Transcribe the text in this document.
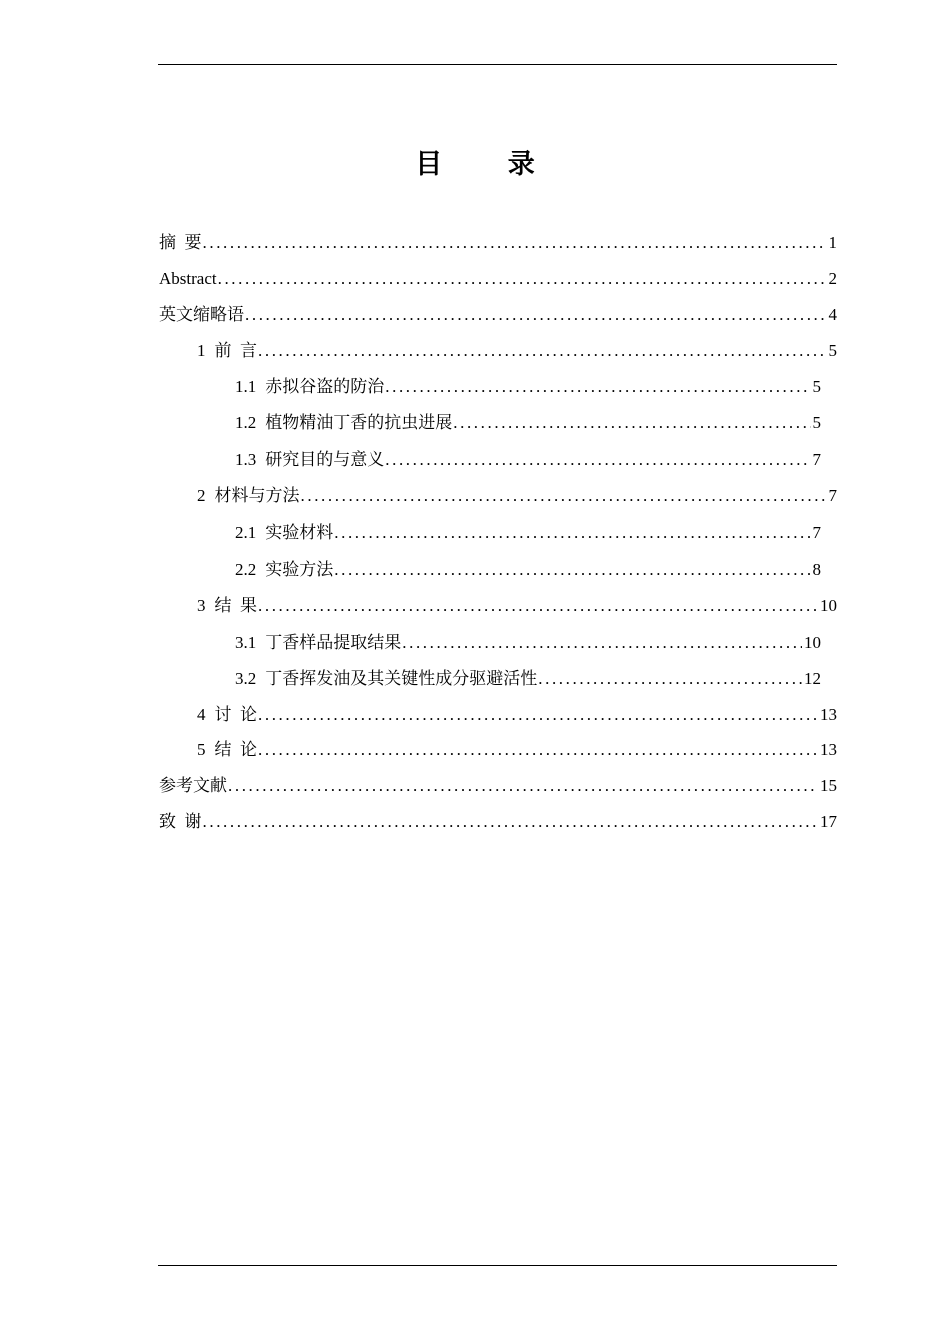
目 录
摘  要 .....	1
Abstract .....	2
英文缩略语 .....	4
1 前  言 .....	5
1.1 赤拟谷盗的防治 .....	5
1.2 植物精油丁香的抗虫进展 .....	5
1.3 研究目的与意义 .....	7
2 材料与方法 .....	7
2.1 实验材料 .....	7
2.2 实验方法 .....	8
3 结  果 .....	10
3.1 丁香样品提取结果 .....	10
3.2 丁香挥发油及其关键性成分驱避活性 .....	12
4 讨  论 .....	13
5 结  论 .....	13
参考文献 .....	15
致  谢 .....	17
